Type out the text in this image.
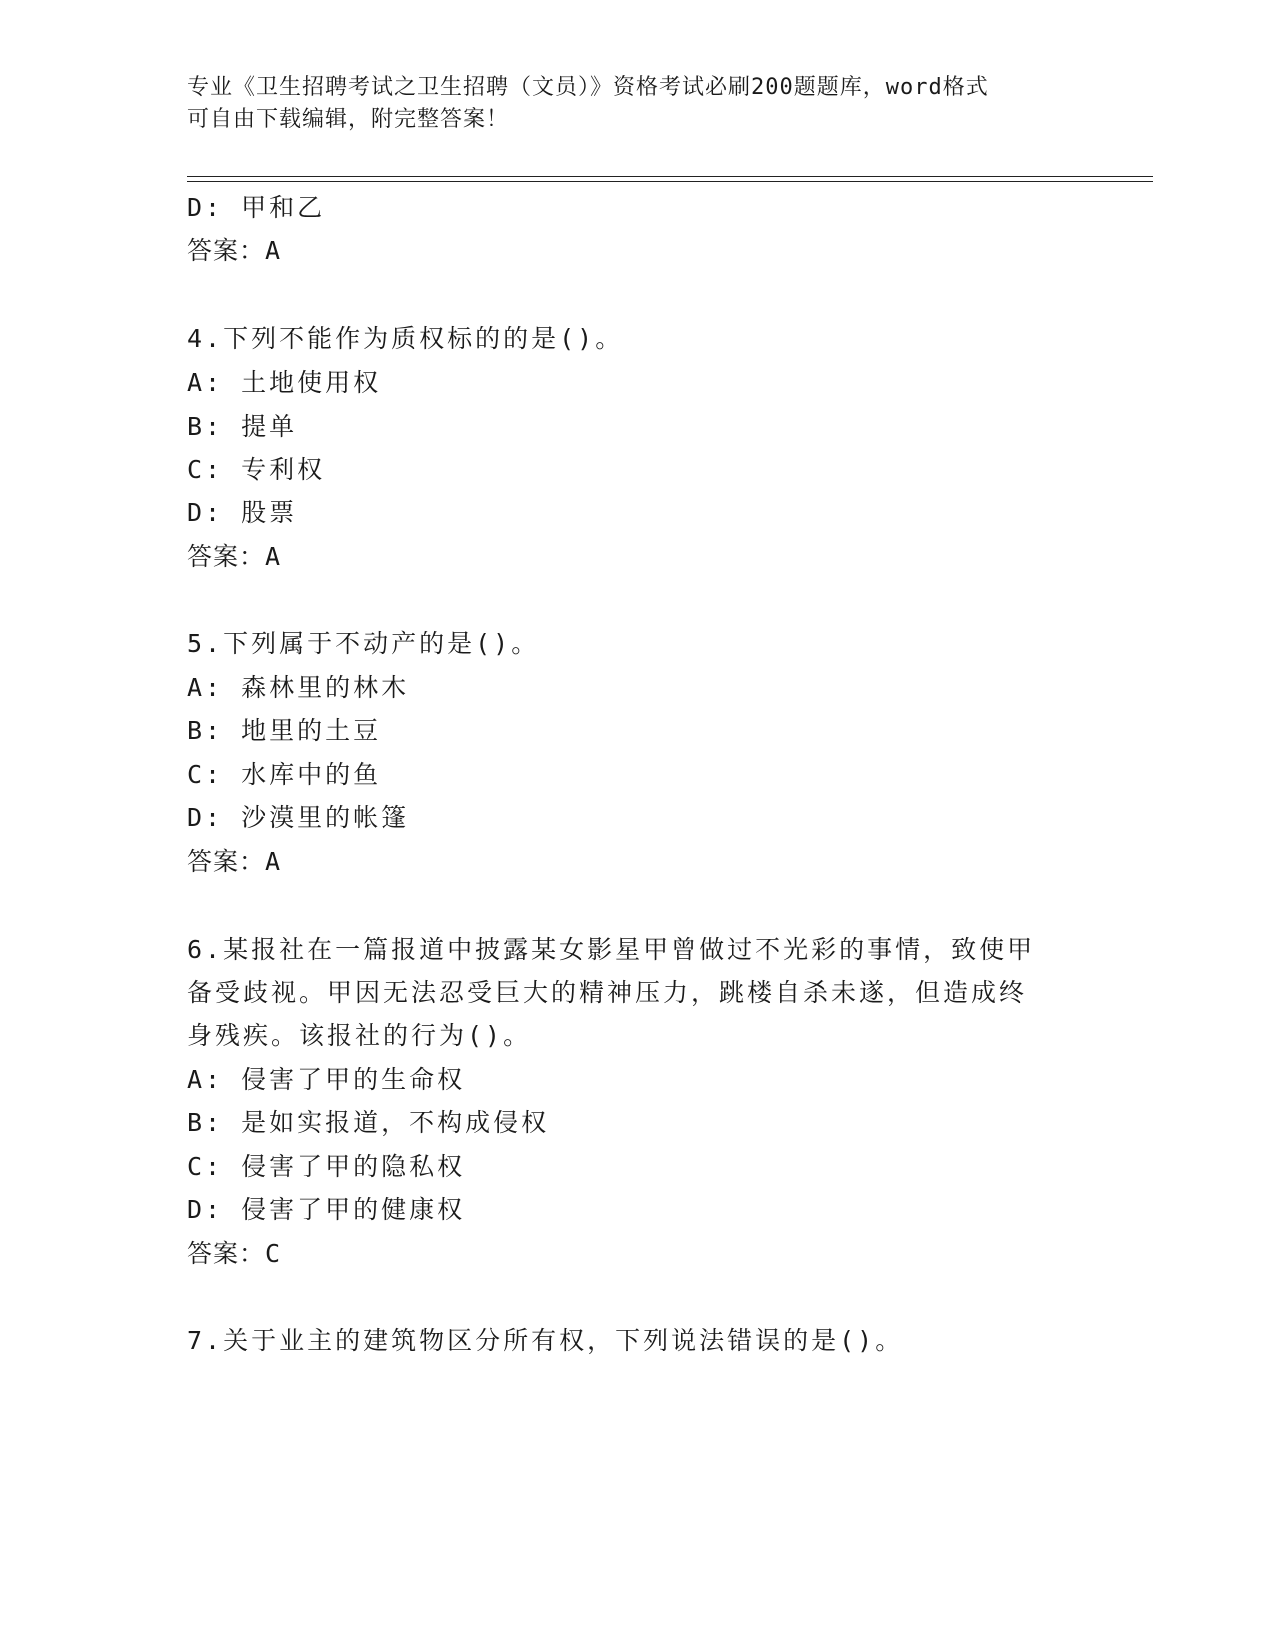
专业《卫生招聘考试之卫生招聘（文员）》资格考试必刷200题题库，word格式
可自由下载编辑，附完整答案！
D: 甲和乙
答案：A
4.下列不能作为质权标的的是()。
A: 土地使用权
B: 提单
C: 专利权
D: 股票
答案：A
5.下列属于不动产的是()。
A: 森林里的林木
B: 地里的土豆
C: 水库中的鱼
D: 沙漠里的帐篷
答案：A
6.某报社在一篇报道中披露某女影星甲曾做过不光彩的事情，致使甲
备受歧视。甲因无法忍受巨大的精神压力，跳楼自杀未遂，但造成终
身残疾。该报社的行为()。
A: 侵害了甲的生命权
B: 是如实报道，不构成侵权
C: 侵害了甲的隐私权
D: 侵害了甲的健康权
答案：C
7.关于业主的建筑物区分所有权，下列说法错误的是()。
